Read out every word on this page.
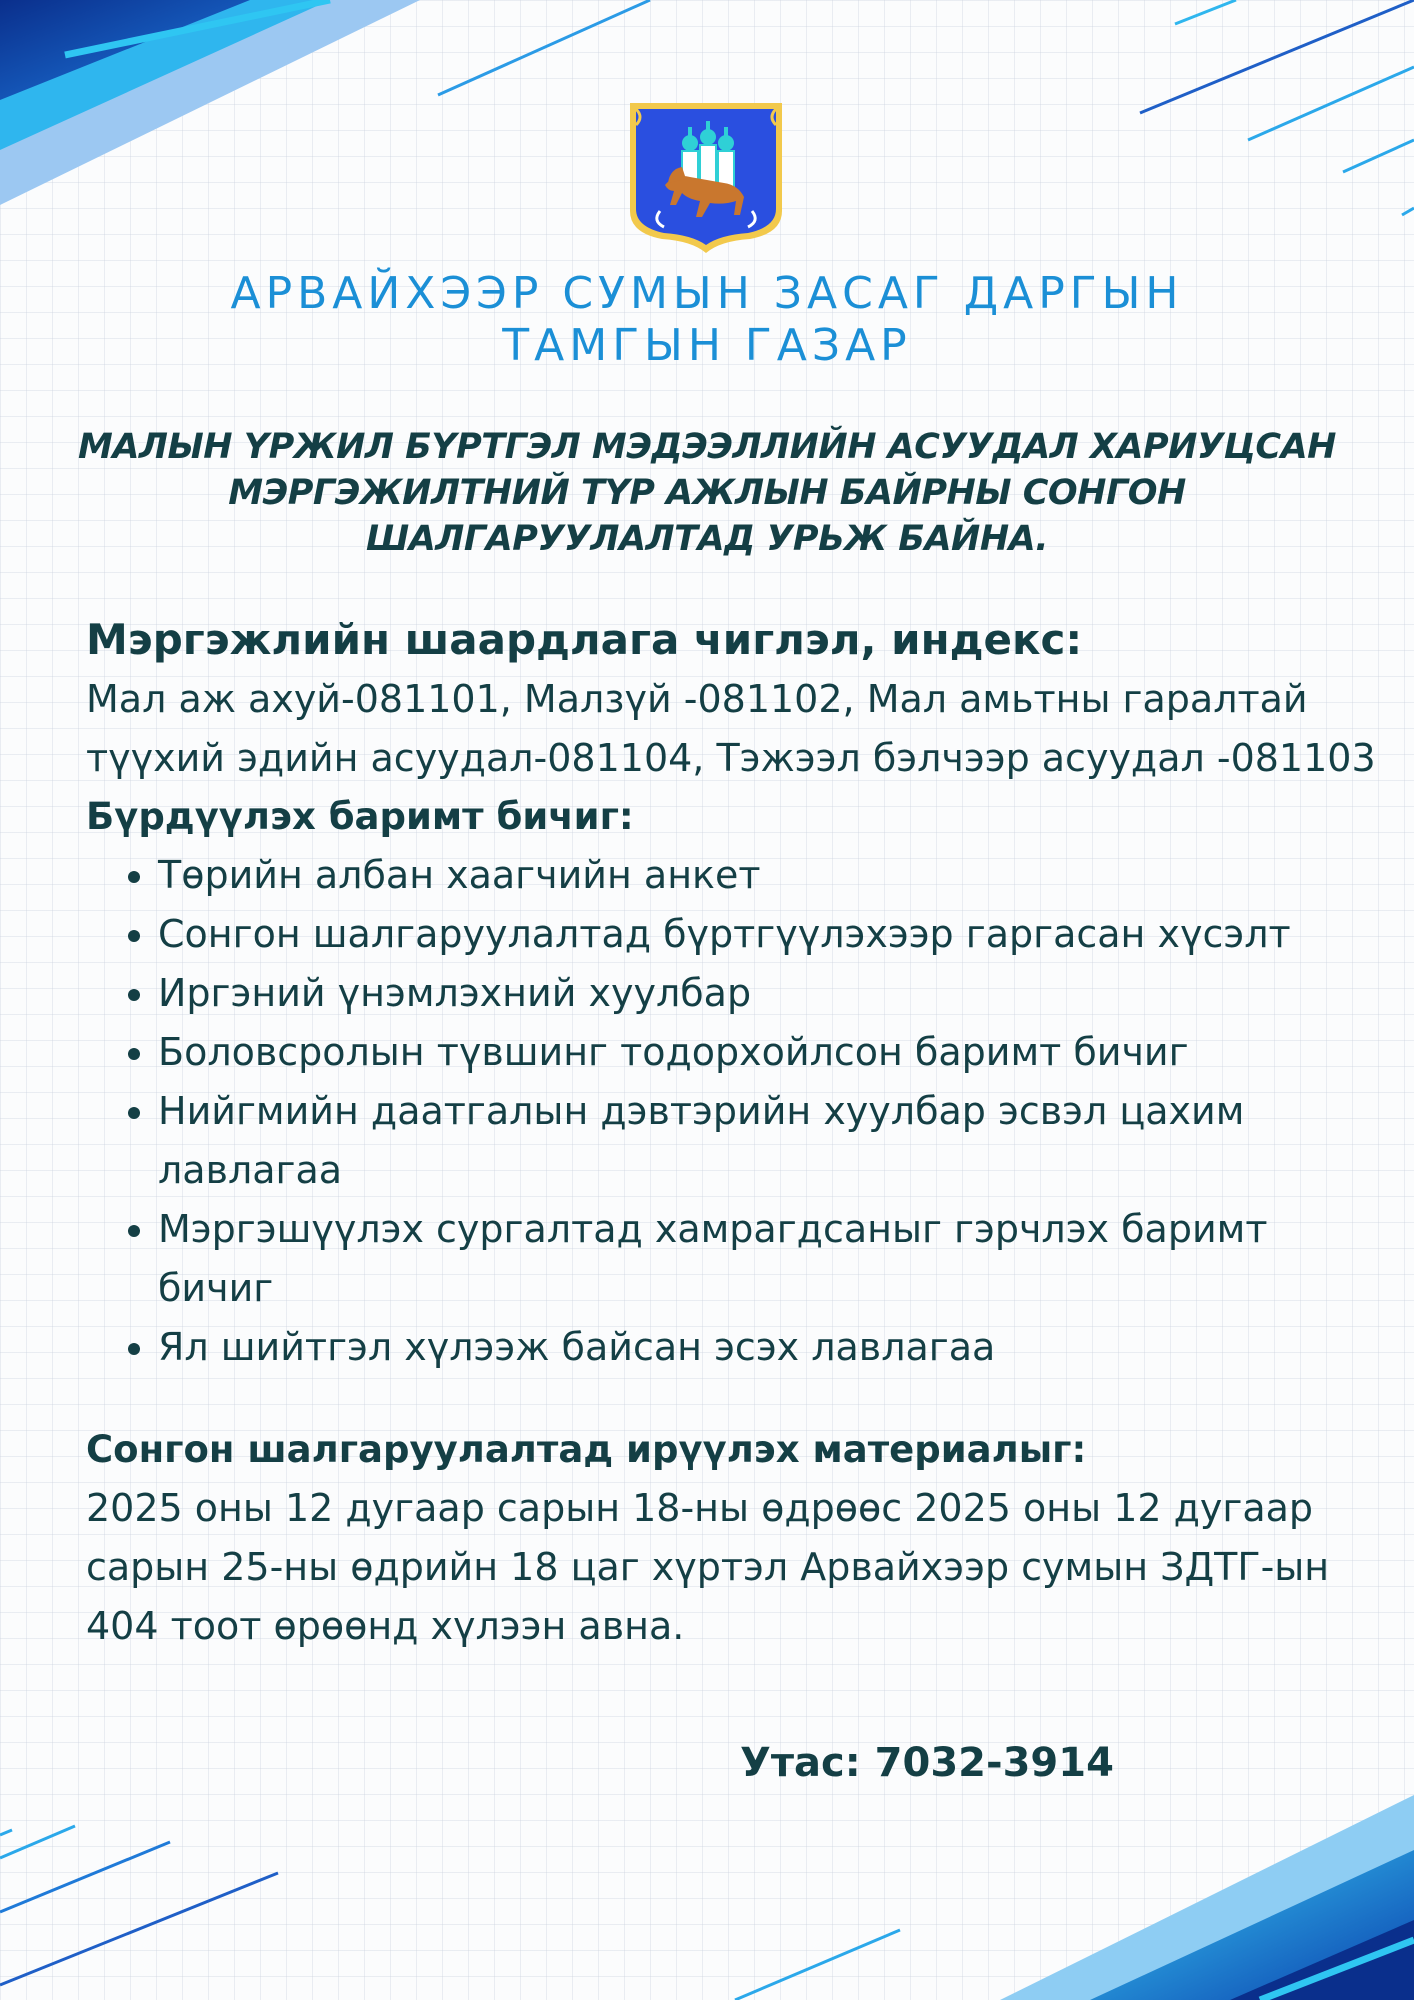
АРВАЙХЭЭР СУМЫН ЗАСАГ ДАРГЫН
ТАМГЫН ГАЗАР
МАЛЫН ҮРЖИЛ БҮРТГЭЛ МЭДЭЭЛЛИЙН АСУУДАЛ ХАРИУЦСАН
МЭРГЭЖИЛТНИЙ ТҮР АЖЛЫН БАЙРНЫ СОНГОН
ШАЛГАРУУЛАЛТАД УРЬЖ БАЙНА.

Мэргэжлийн шаардлага чиглэл, индекс:

Мал аж ахуй-081101, Малзүй -081102, Мал амьтны гаралтай түүхий эдийн асуудал-081104, Тэжээл бэлчээр асуудал -081103

Бүрдүүлэх баримт бичиг:

• Төрийн албан хаагчийн анкет
• Сонгон шалгаруулалтад бүртгүүлэхээр гаргасан хүсэлт
• Иргэний үнэмлэхний хуулбар
• Боловсролын түвшинг тодорхойлсон баримт бичиг
• Нийгмийн даатгалын дэвтэрийн хуулбар эсвэл цахим лавлагаа
• Мэргэшүүлэх сургалтад хамрагдсаныг гэрчлэх баримт бичиг
• Ял шийтгэл хүлээж байсан эсэх лавлагаа

Сонгон шалгаруулалтад ирүүлэх материалыг:

2025 оны 12 дугаар сарын 18-ны өдрөөс 2025 оны 12 дугаар сарын 25-ны өдрийн 18 цаг хүртэл Арвайхээр сумын ЗДТГ-ын 404 тоот өрөөнд хүлээн авна.

Утас: 7032-3914
